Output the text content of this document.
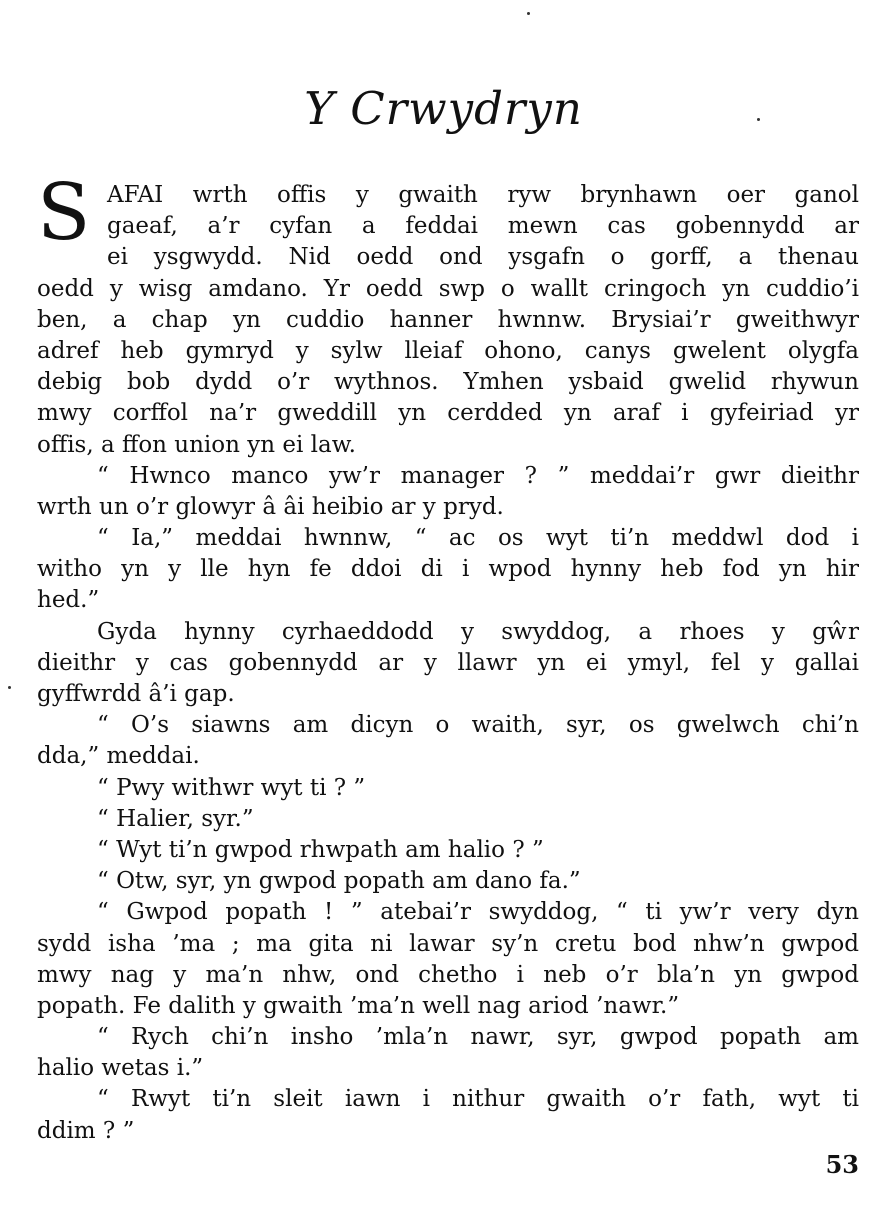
Y Crwydryn
S AFAI wrth offis y gwaith ryw brynhawn oer ganol
gaeaf, a’r cyfan a feddai mewn cas gobennydd ar
ei ysgwydd. Nid oedd ond ysgafn o gorff, a thenau
oedd y wisg amdano. Yr oedd swp o wallt cringoch yn cuddio’i
ben, a chap yn cuddio hanner hwnnw. Brysiai’r gweithwyr
adref heb gymryd y sylw lleiaf ohono, canys gwelent olygfa
debig bob dydd o’r wythnos. Ymhen ysbaid gwelid rhywun
mwy corffol na’r gweddill yn cerdded yn araf i gyfeiriad yr
offis, a ffon union yn ei law.
“ Hwnco manco yw’r manager ? ” meddai’r gwr dieithr
wrth un o’r glowyr â âi heibio ar y pryd.
“ Ia,” meddai hwnnw, “ ac os wyt ti’n meddwl dod i
witho yn y lle hyn fe ddoi di i wpod hynny heb fod yn hir
hed.”
Gyda hynny cyrhaeddodd y swyddog, a rhoes y gŵr
dieithr y cas gobennydd ar y llawr yn ei ymyl, fel y gallai
gyffwrdd â’i gap.
“ O’s siawns am dicyn o waith, syr, os gwelwch chi’n
dda,” meddai.
“ Pwy withwr wyt ti ? ”
“ Halier, syr.”
“ Wyt ti’n gwpod rhwpath am halio ? ”
“ Otw, syr, yn gwpod popath am dano fa.”
“ Gwpod popath ! ” atebai’r swyddog, “ ti yw’r very dyn
sydd isha ’ma ; ma gita ni lawar sy’n cretu bod nhw’n gwpod
mwy nag y ma’n nhw, ond chetho i neb o’r bla’n yn gwpod
popath. Fe dalith y gwaith ’ma’n well nag ariod ’nawr.”
“ Rych chi’n insho ’mla’n nawr, syr, gwpod popath am
halio wetas i.”
“ Rwyt ti’n sleit iawn i nithur gwaith o’r fath, wyt ti
ddim ? ”
53
